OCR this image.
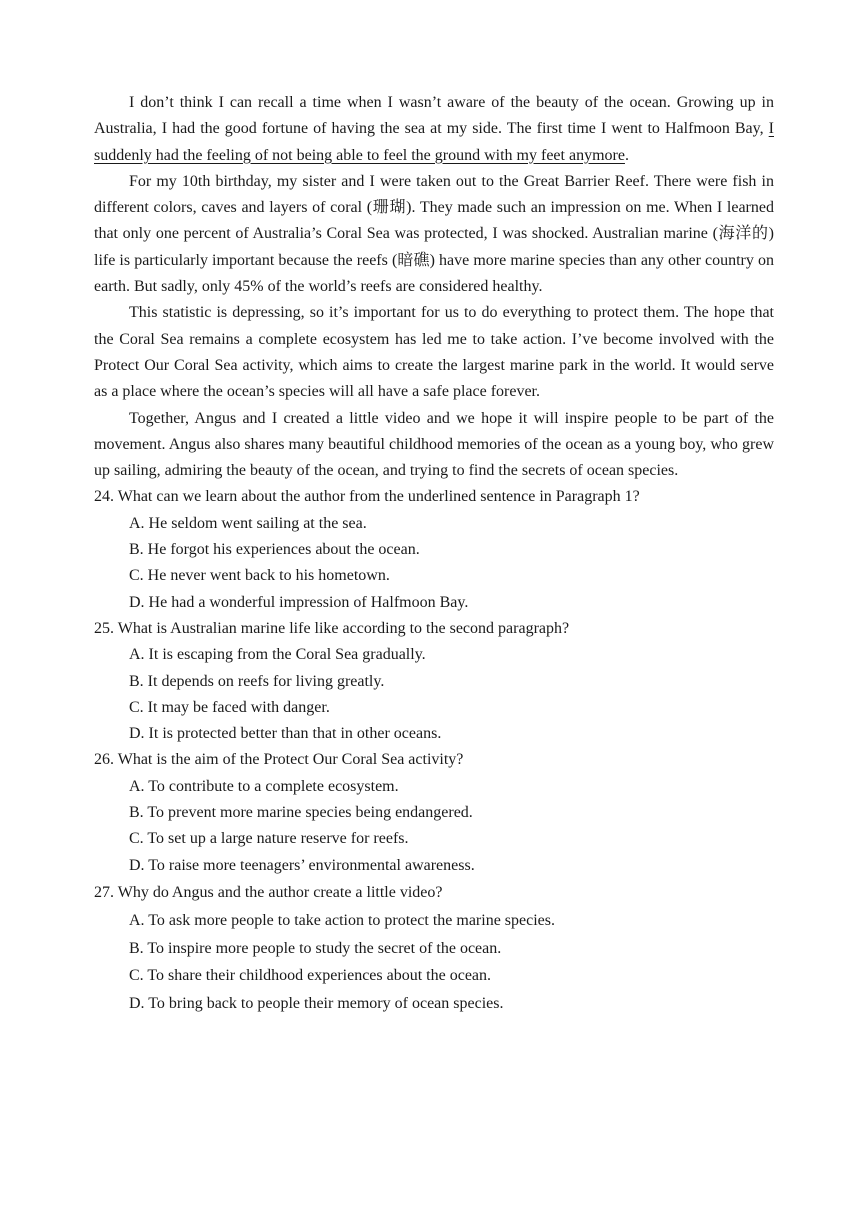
I don’t think I can recall a time when I wasn’t aware of the beauty of the ocean. Growing up in Australia, I had the good fortune of having the sea at my side. The first time I went to Halfmoon Bay, I suddenly had the feeling of not being able to feel the ground with my feet anymore.

For my 10th birthday, my sister and I were taken out to the Great Barrier Reef. There were fish in different colors, caves and layers of coral (珊瑚). They made such an impression on me. When I learned that only one percent of Australia’s Coral Sea was protected, I was shocked. Australian marine (海洋的) life is particularly important because the reefs (暗礁) have more marine species than any other country on earth. But sadly, only 45% of the world’s reefs are considered healthy.

This statistic is depressing, so it’s important for us to do everything to protect them. The hope that the Coral Sea remains a complete ecosystem has led me to take action. I’ve become involved with the Protect Our Coral Sea activity, which aims to create the largest marine park in the world. It would serve as a place where the ocean’s species will all have a safe place forever.

Together, Angus and I created a little video and we hope it will inspire people to be part of the movement. Angus also shares many beautiful childhood memories of the ocean as a young boy, who grew up sailing, admiring the beauty of the ocean, and trying to find the secrets of ocean species.

24. What can we learn about the author from the underlined sentence in Paragraph 1?

A. He seldom went sailing at the sea.
B. He forgot his experiences about the ocean.
C. He never went back to his hometown.
D. He had a wonderful impression of Halfmoon Bay.

25. What is Australian marine life like according to the second paragraph?

A. It is escaping from the Coral Sea gradually.
B. It depends on reefs for living greatly.
C. It may be faced with danger.
D. It is protected better than that in other oceans.

26. What is the aim of the Protect Our Coral Sea activity?

A. To contribute to a complete ecosystem.
B. To prevent more marine species being endangered.
C. To set up a large nature reserve for reefs.
D. To raise more teenagers’ environmental awareness.

27. Why do Angus and the author create a little video?

A. To ask more people to take action to protect the marine species.
B. To inspire more people to study the secret of the ocean.
C. To share their childhood experiences about the ocean.
D. To bring back to people their memory of ocean species.
